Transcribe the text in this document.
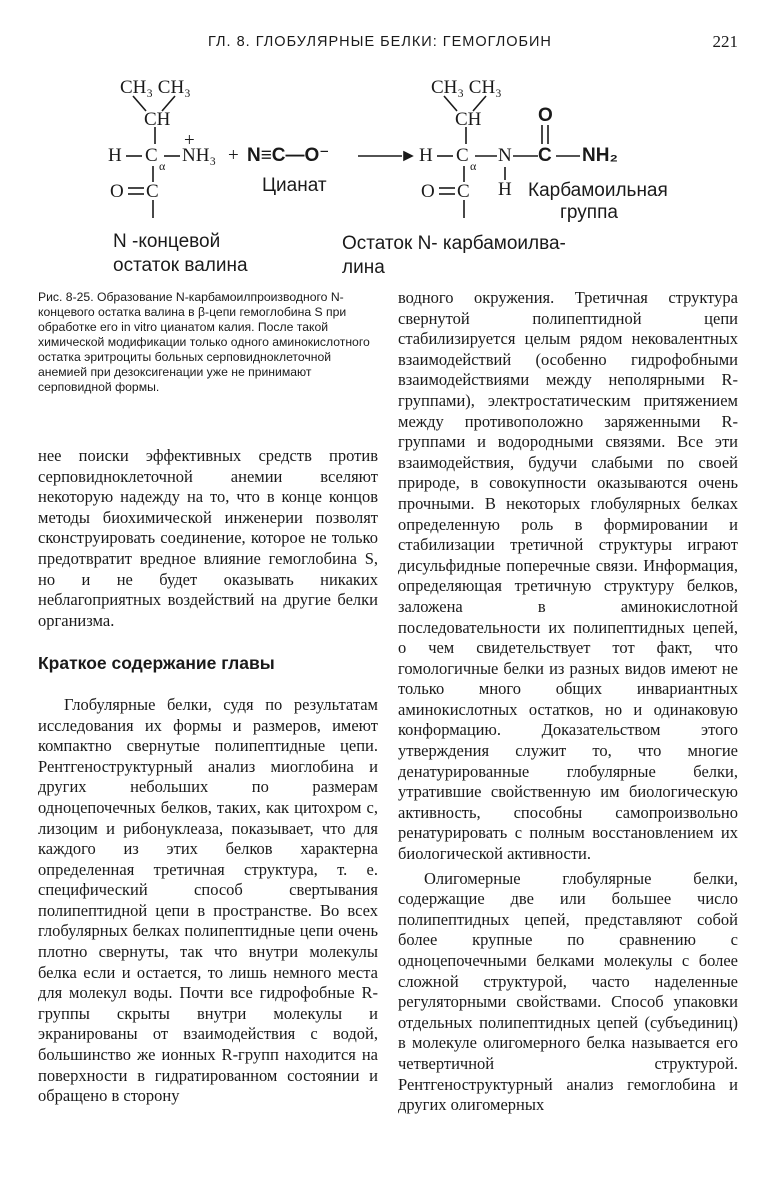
ГЛ. 8. ГЛОБУЛЯРНЫЕ БЕЛКИ: ГЕМОГЛОБИН	221
CH₃ CH₃
CH
H C α NH₃
+
O C
+ N≡C—O⁻
Цианат
CH₃ CH₃
CH
H C α N
H
O
C NH₂
O C	Карбамоильная
группа
N -концевой
остаток валина
Остаток N- карбамоилва-
лина
Рис. 8-25. Образование N-карбамоилпроизводного N-концевого остатка валина в β-цепи гемоглобина S при обработке его in vitro цианатом калия. После такой химической модификации только одного аминокислотного остатка эритроциты больных серповидноклеточной анемией при дезоксигенации уже не принимают серповидной формы.

нее поиски эффективных средств против серповидноклеточной анемии вселяют некоторую надежду на то, что в конце концов методы биохимической инженерии позволят сконструировать соединение, которое не только предотвратит вредное влияние гемоглобина S, но и не будет оказывать никаких неблагоприятных воздействий на другие белки организма.

Краткое содержание главы

Глобулярные белки, судя по результатам исследования их формы и размеров, имеют компактно свернутые полипептидные цепи. Рентгеноструктурный анализ миоглобина и других небольших по размерам одноцепочечных белков, таких, как цитохром c, лизоцим и рибонуклеаза, показывает, что для каждого из этих белков характерна определенная третичная структура, т. е. специфический способ свертывания полипептидной цепи в пространстве. Во всех глобулярных белках полипептидные цепи очень плотно свернуты, так что внутри молекулы белка если и остается, то лишь немного места для молекул воды. Почти все гидрофобные R-группы скрыты внутри молекулы и экранированы от взаимодействия с водой, большинство же ионных R-групп находится на поверхности в гидратированном состоянии и обращено в сторону

водного окружения. Третичная структура свернутой полипептидной цепи стабилизируется целым рядом нековалентных взаимодействий (особенно гидрофобными взаимодействиями между неполярными R-группами), электростатическим притяжением между противоположно заряженными R-группами и водородными связями. Все эти взаимодействия, будучи слабыми по своей природе, в совокупности оказываются очень прочными. В некоторых глобулярных белках определенную роль в формировании и стабилизации третичной структуры играют дисульфидные поперечные связи. Информация, определяющая третичную структуру белков, заложена в аминокислотной последовательности их полипептидных цепей, о чем свидетельствует тот факт, что гомологичные белки из разных видов имеют не только много общих инвариантных аминокислотных остатков, но и одинаковую конформацию. Доказательством этого утверждения служит то, что многие денатурированные глобулярные белки, утратившие свойственную им биологическую активность, способны самопроизвольно ренатурировать с полным восстановлением их биологической активности.

Олигомерные глобулярные белки, содержащие две или большее число полипептидных цепей, представляют собой более крупные по сравнению с одноцепочечными белками молекулы с более сложной структурой, часто наделенные регуляторными свойствами. Способ упаковки отдельных полипептидных цепей (субъединиц) в молекуле олигомерного белка называется его четвертичной структурой. Рентгеноструктурный анализ гемоглобина и других олигомерных
